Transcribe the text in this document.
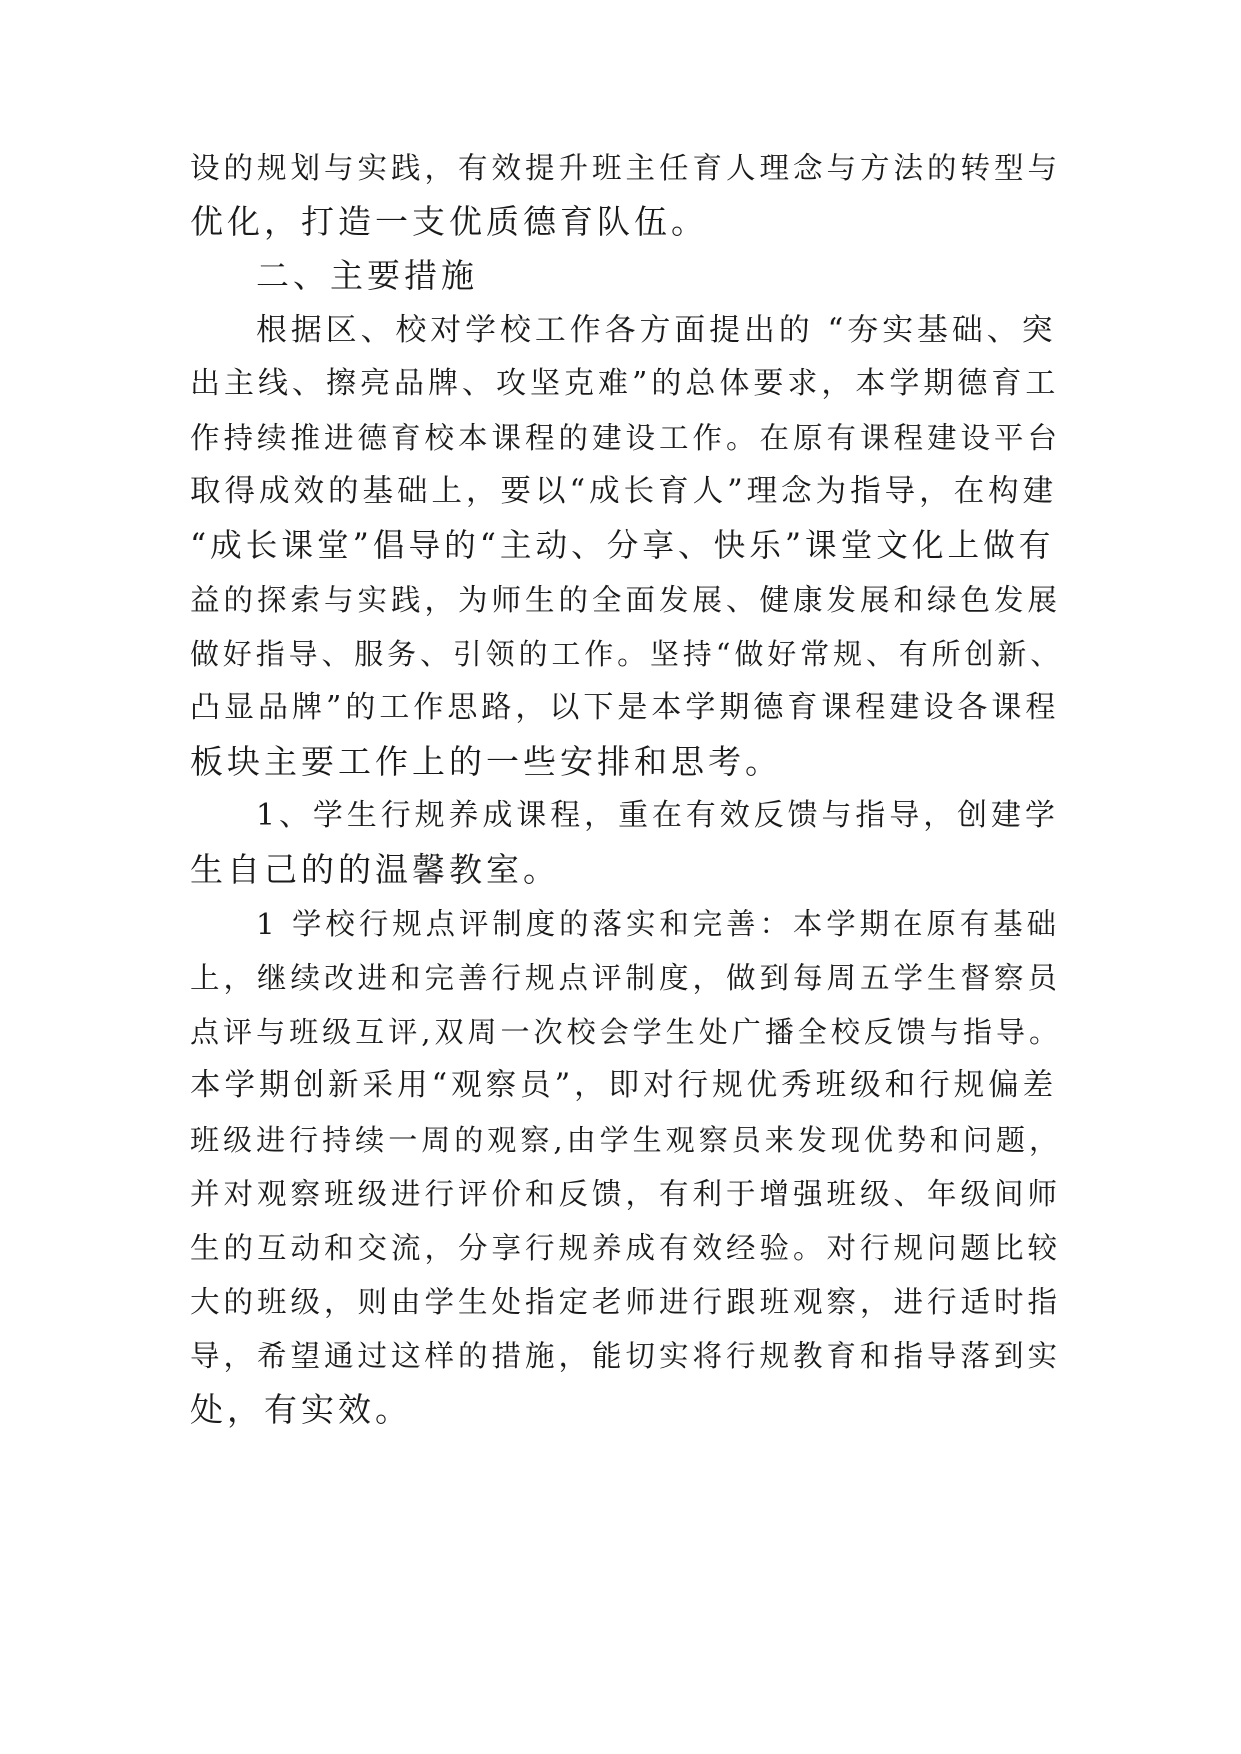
设的规划与实践，有效提升班主任育人理念与方法的转型与
优化，打造一支优质德育队伍。
二、主要措施
根据区、校对学校工作各方面提出的 “夯实基础、突
出主线、擦亮品牌、攻坚克难”的总体要求，本学期德育工
作持续推进德育校本课程的建设工作。在原有课程建设平台
取得成效的基础上，要以“成长育人”理念为指导，在构建
“成长课堂”倡导的“主动、分享、快乐”课堂文化上做有
益的探索与实践，为师生的全面发展、健康发展和绿色发展
做好指导、服务、引领的工作。坚持“做好常规、有所创新、
凸显品牌”的工作思路，以下是本学期德育课程建设各课程
板块主要工作上的一些安排和思考。
1、学生行规养成课程，重在有效反馈与指导，创建学
生自己的的温馨教室。
1 学校行规点评制度的落实和完善：本学期在原有基础
上，继续改进和完善行规点评制度，做到每周五学生督察员
点评与班级互评,双周一次校会学生处广播全校反馈与指导。
本学期创新采用“观察员”，即对行规优秀班级和行规偏差
班级进行持续一周的观察,由学生观察员来发现优势和问题，
并对观察班级进行评价和反馈，有利于增强班级、年级间师
生的互动和交流，分享行规养成有效经验。对行规问题比较
大的班级，则由学生处指定老师进行跟班观察，进行适时指
导，希望通过这样的措施，能切实将行规教育和指导落到实
处，有实效。
